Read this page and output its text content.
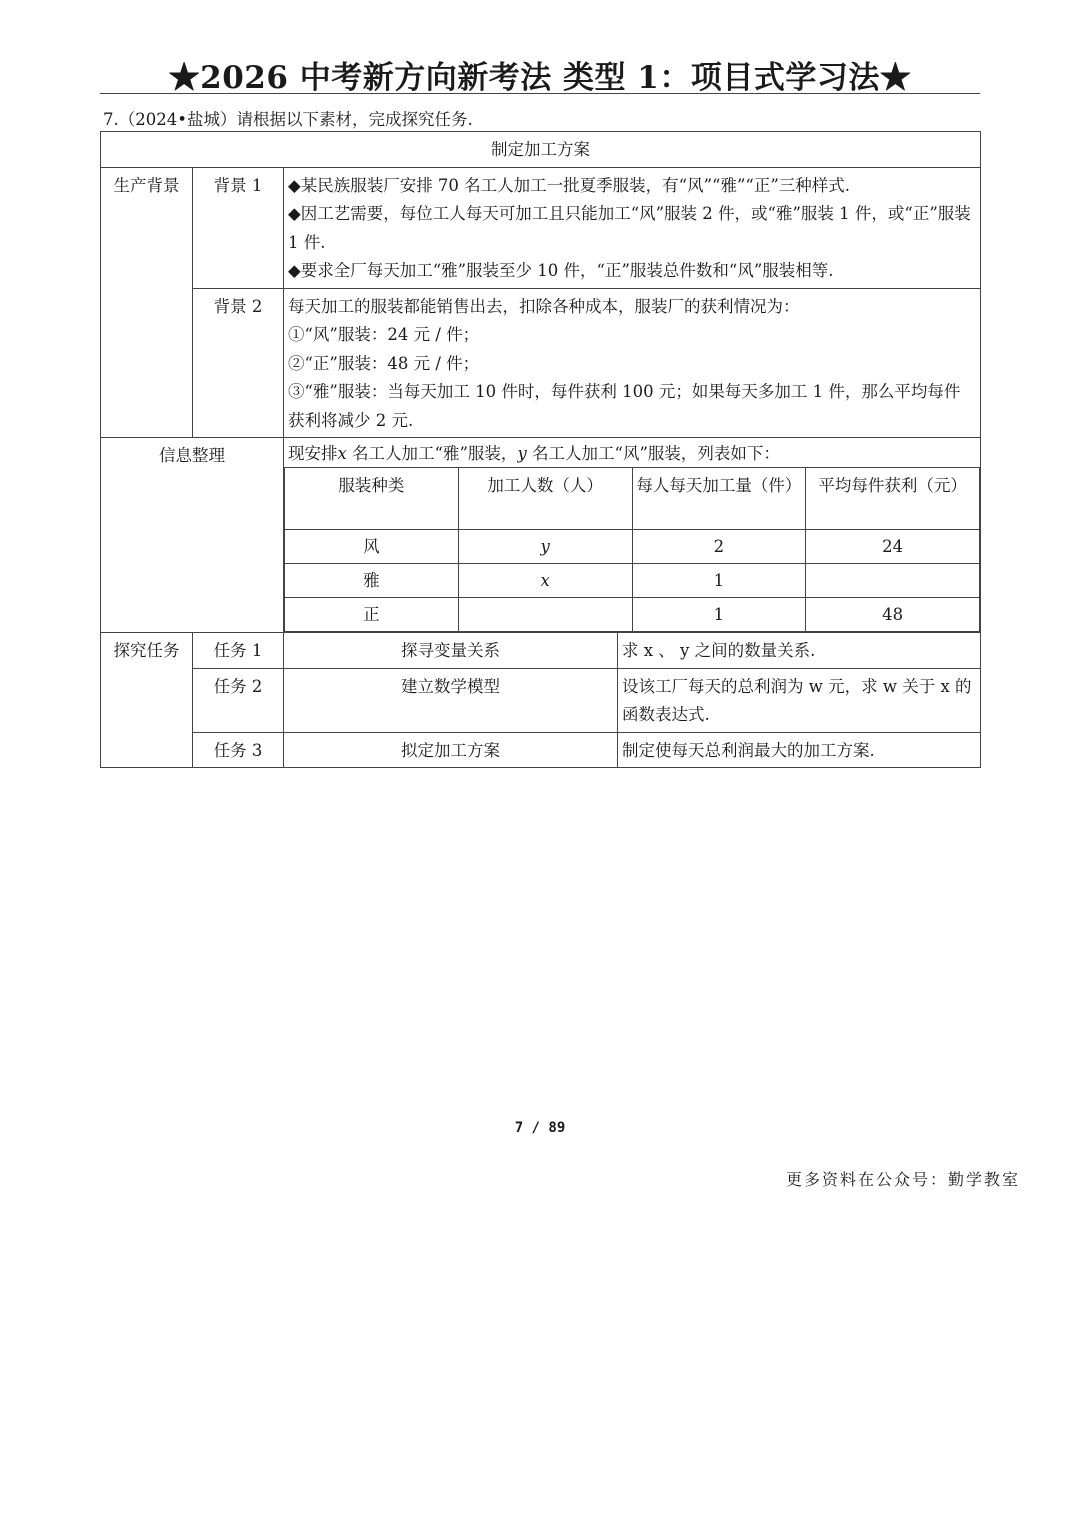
★2026 中考新方向新考法 类型 1：项目式学习法★
7.（2024•盐城）请根据以下素材，完成探究任务.
制定加工方案
生产背景	背景 1	◆某民族服装厂安排 70 名工人加工一批夏季服装，有“风”“雅”“正”三种样式.
◆因工艺需要，每位工人每天可加工且只能加工“风”服装 2 件，或“雅”服装 1 件，或“正”服装 1 件.
◆要求全厂每天加工“雅”服装至少 10 件，“正”服装总件数和“风”服装相等.

背景 2	每天加工的服装都能销售出去，扣除各种成本，服装厂的获利情况为：
①“风”服装：24 元 / 件；
②“正”服装：48 元 / 件；
③“雅”服装：当每天加工 10 件时，每件获利 100 元；如果每天多加工 1 件，那么平均每件获利将减少 2 元.

信息整理	现安排x 名工人加工“雅”服装，y 名工人加工“风”服装，列表如下：
服装种类	加工人数（人）	每人每天加工量（件）	平均每件获利（元）
风	y	2	24
雅	x	1	
正		1	48

探究任务	任务 1	探寻变量关系	求 x 、 y 之间的数量关系.
任务 2	建立数学模型	设该工厂每天的总利润为 w 元，求 w 关于 x 的函数表达式.
任务 3	拟定加工方案	制定使每天总利润最大的加工方案.
7 / 89
更多资料在公众号：勤学教室
